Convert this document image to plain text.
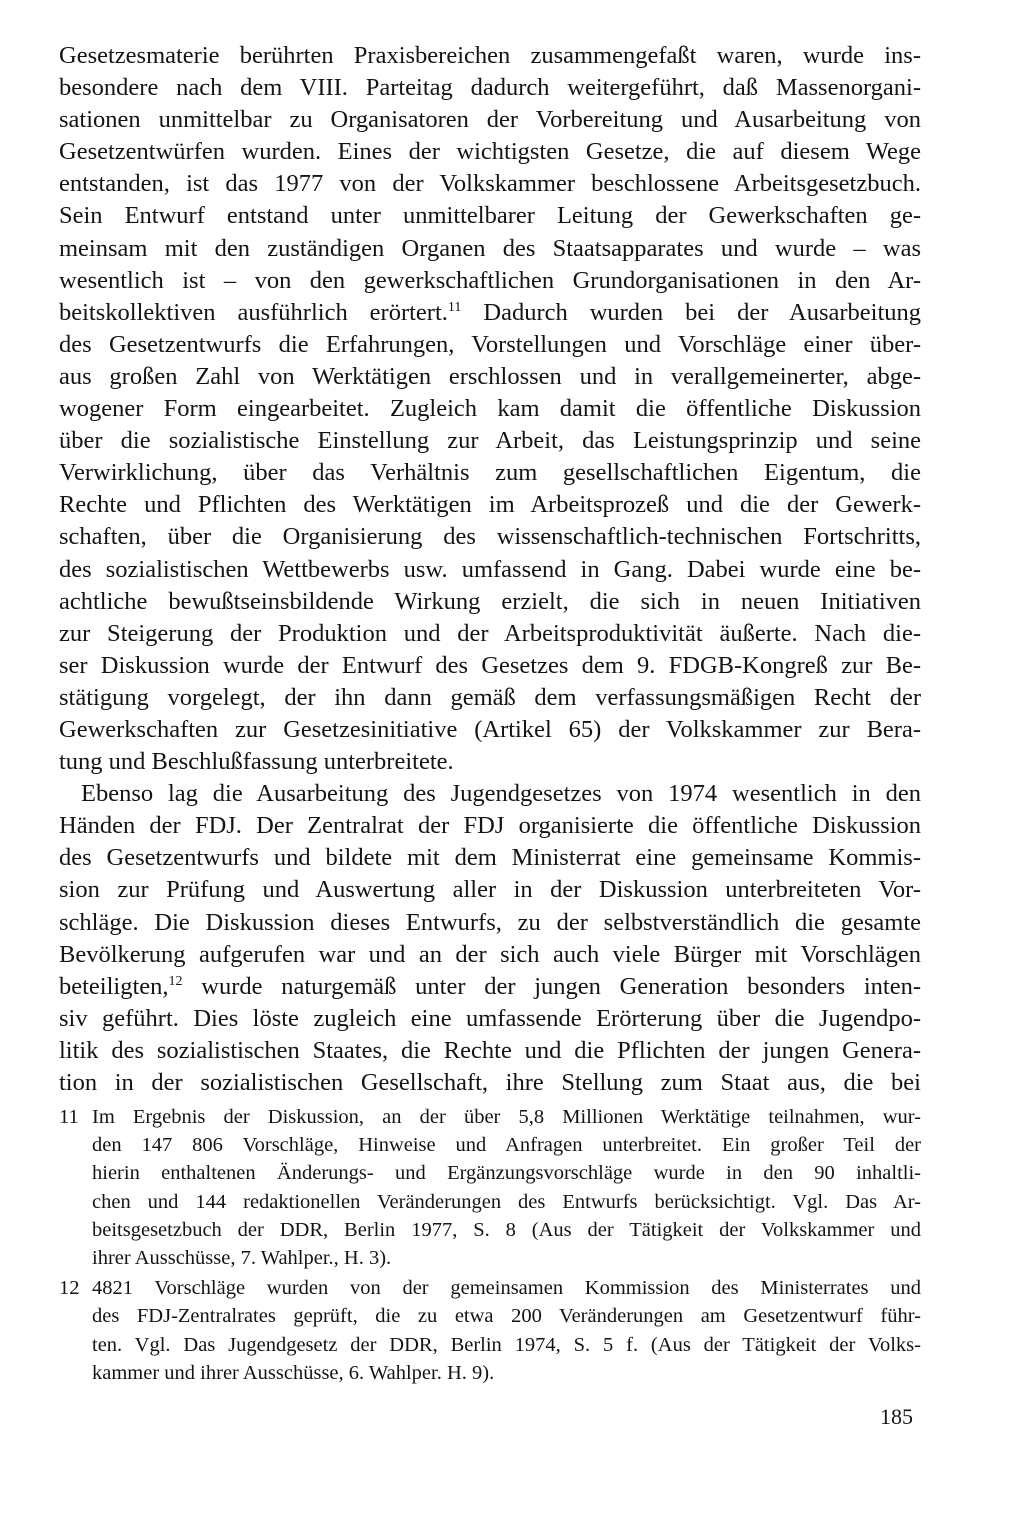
Gesetzesmaterie berührten Praxisbereichen zusammengefaßt waren, wurde ins-
besondere nach dem VIII. Parteitag dadurch weitergeführt, daß Massenorgani-
sationen unmittelbar zu Organisatoren der Vorbereitung und Ausarbeitung von
Gesetzentwürfen wurden. Eines der wichtigsten Gesetze, die auf diesem Wege
entstanden, ist das 1977 von der Volkskammer beschlossene Arbeitsgesetzbuch.
Sein Entwurf entstand unter unmittelbarer Leitung der Gewerkschaften ge-
meinsam mit den zuständigen Organen des Staatsapparates und wurde – was
wesentlich ist – von den gewerkschaftlichen Grundorganisationen in den Ar-
beitskollektiven ausführlich erörtert.$^{11}$ Dadurch wurden bei der Ausarbeitung
des Gesetzentwurfs die Erfahrungen, Vorstellungen und Vorschläge einer über-
aus großen Zahl von Werktätigen erschlossen und in verallgemeinerter, abge-
wogener Form eingearbeitet. Zugleich kam damit die öffentliche Diskussion
über die sozialistische Einstellung zur Arbeit, das Leistungsprinzip und seine
Verwirklichung, über das Verhältnis zum gesellschaftlichen Eigentum, die
Rechte und Pflichten des Werktätigen im Arbeitsprozeß und die der Gewerk-
schaften, über die Organisierung des wissenschaftlich-technischen Fortschritts,
des sozialistischen Wettbewerbs usw. umfassend in Gang. Dabei wurde eine be-
achtliche bewußtseinsbildende Wirkung erzielt, die sich in neuen Initiativen
zur Steigerung der Produktion und der Arbeitsproduktivität äußerte. Nach die-
ser Diskussion wurde der Entwurf des Gesetzes dem 9. FDGB-Kongreß zur Be-
stätigung vorgelegt, der ihn dann gemäß dem verfassungsmäßigen Recht der
Gewerkschaften zur Gesetzesinitiative (Artikel 65) der Volkskammer zur Bera-
tung und Beschlußfassung unterbreitete.

Ebenso lag die Ausarbeitung des Jugendgesetzes von 1974 wesentlich in den
Händen der FDJ. Der Zentralrat der FDJ organisierte die öffentliche Diskussion
des Gesetzentwurfs und bildete mit dem Ministerrat eine gemeinsame Kommis-
sion zur Prüfung und Auswertung aller in der Diskussion unterbreiteten Vor-
schläge. Die Diskussion dieses Entwurfs, zu der selbstverständlich die gesamte
Bevölkerung aufgerufen war und an der sich auch viele Bürger mit Vorschlägen
beteiligten,$^{12}$ wurde naturgemäß unter der jungen Generation besonders inten-
siv geführt. Dies löste zugleich eine umfassende Erörterung über die Jugendpo-
litik des sozialistischen Staates, die Rechte und die Pflichten der jungen Genera-
tion in der sozialistischen Gesellschaft, ihre Stellung zum Staat aus, die bei

11 Im Ergebnis der Diskussion, an der über 5,8 Millionen Werktätige teilnahmen, wur-
den 147 806 Vorschläge, Hinweise und Anfragen unterbreitet. Ein großer Teil der
hierin enthaltenen Änderungs- und Ergänzungsvorschläge wurde in den 90 inhaltli-
chen und 144 redaktionellen Veränderungen des Entwurfs berücksichtigt. Vgl. Das Ar-
beitsgesetzbuch der DDR, Berlin 1977, S. 8 (Aus der Tätigkeit der Volkskammer und
ihrer Ausschüsse, 7. Wahlper., H. 3).
12 4821 Vorschläge wurden von der gemeinsamen Kommission des Ministerrates und
des FDJ-Zentralrates geprüft, die zu etwa 200 Veränderungen am Gesetzentwurf führ-
ten. Vgl. Das Jugendgesetz der DDR, Berlin 1974, S. 5 f. (Aus der Tätigkeit der Volks-
kammer und ihrer Ausschüsse, 6. Wahlper. H. 9).
185
